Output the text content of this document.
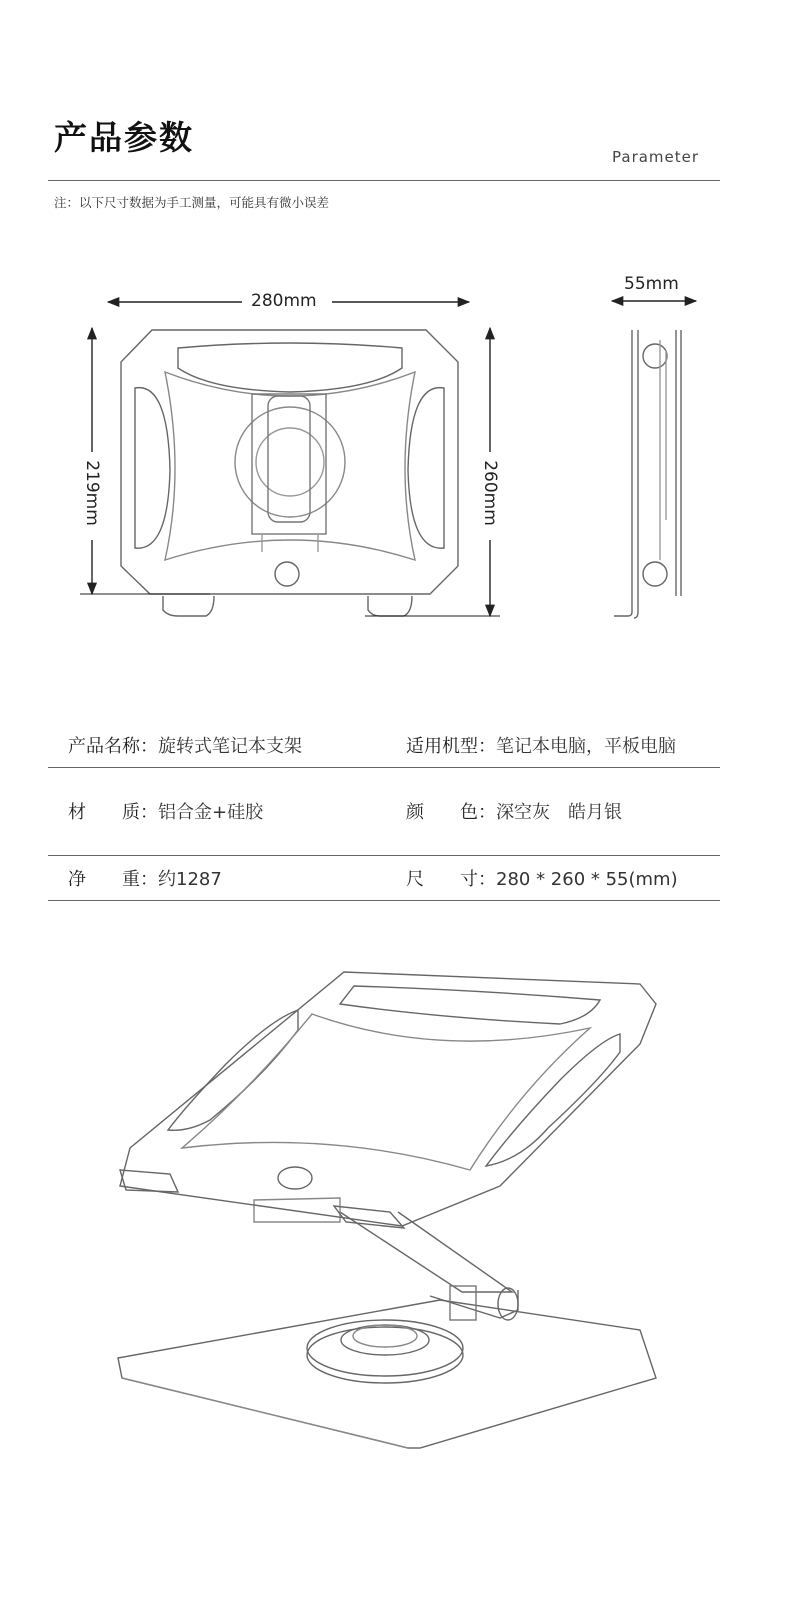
产品参数	Parameter
注：以下尺寸数据为手工测量，可能具有微小误差
280mm
55mm
219mm	260mm
产品名称：旋转式笔记本支架	适用机型：笔记本电脑，平板电脑
材　　质：铝合金+硅胶	颜　　色：深空灰　皓月银
净　　重：约1287	尺　　寸：280 * 260 * 55(mm)
